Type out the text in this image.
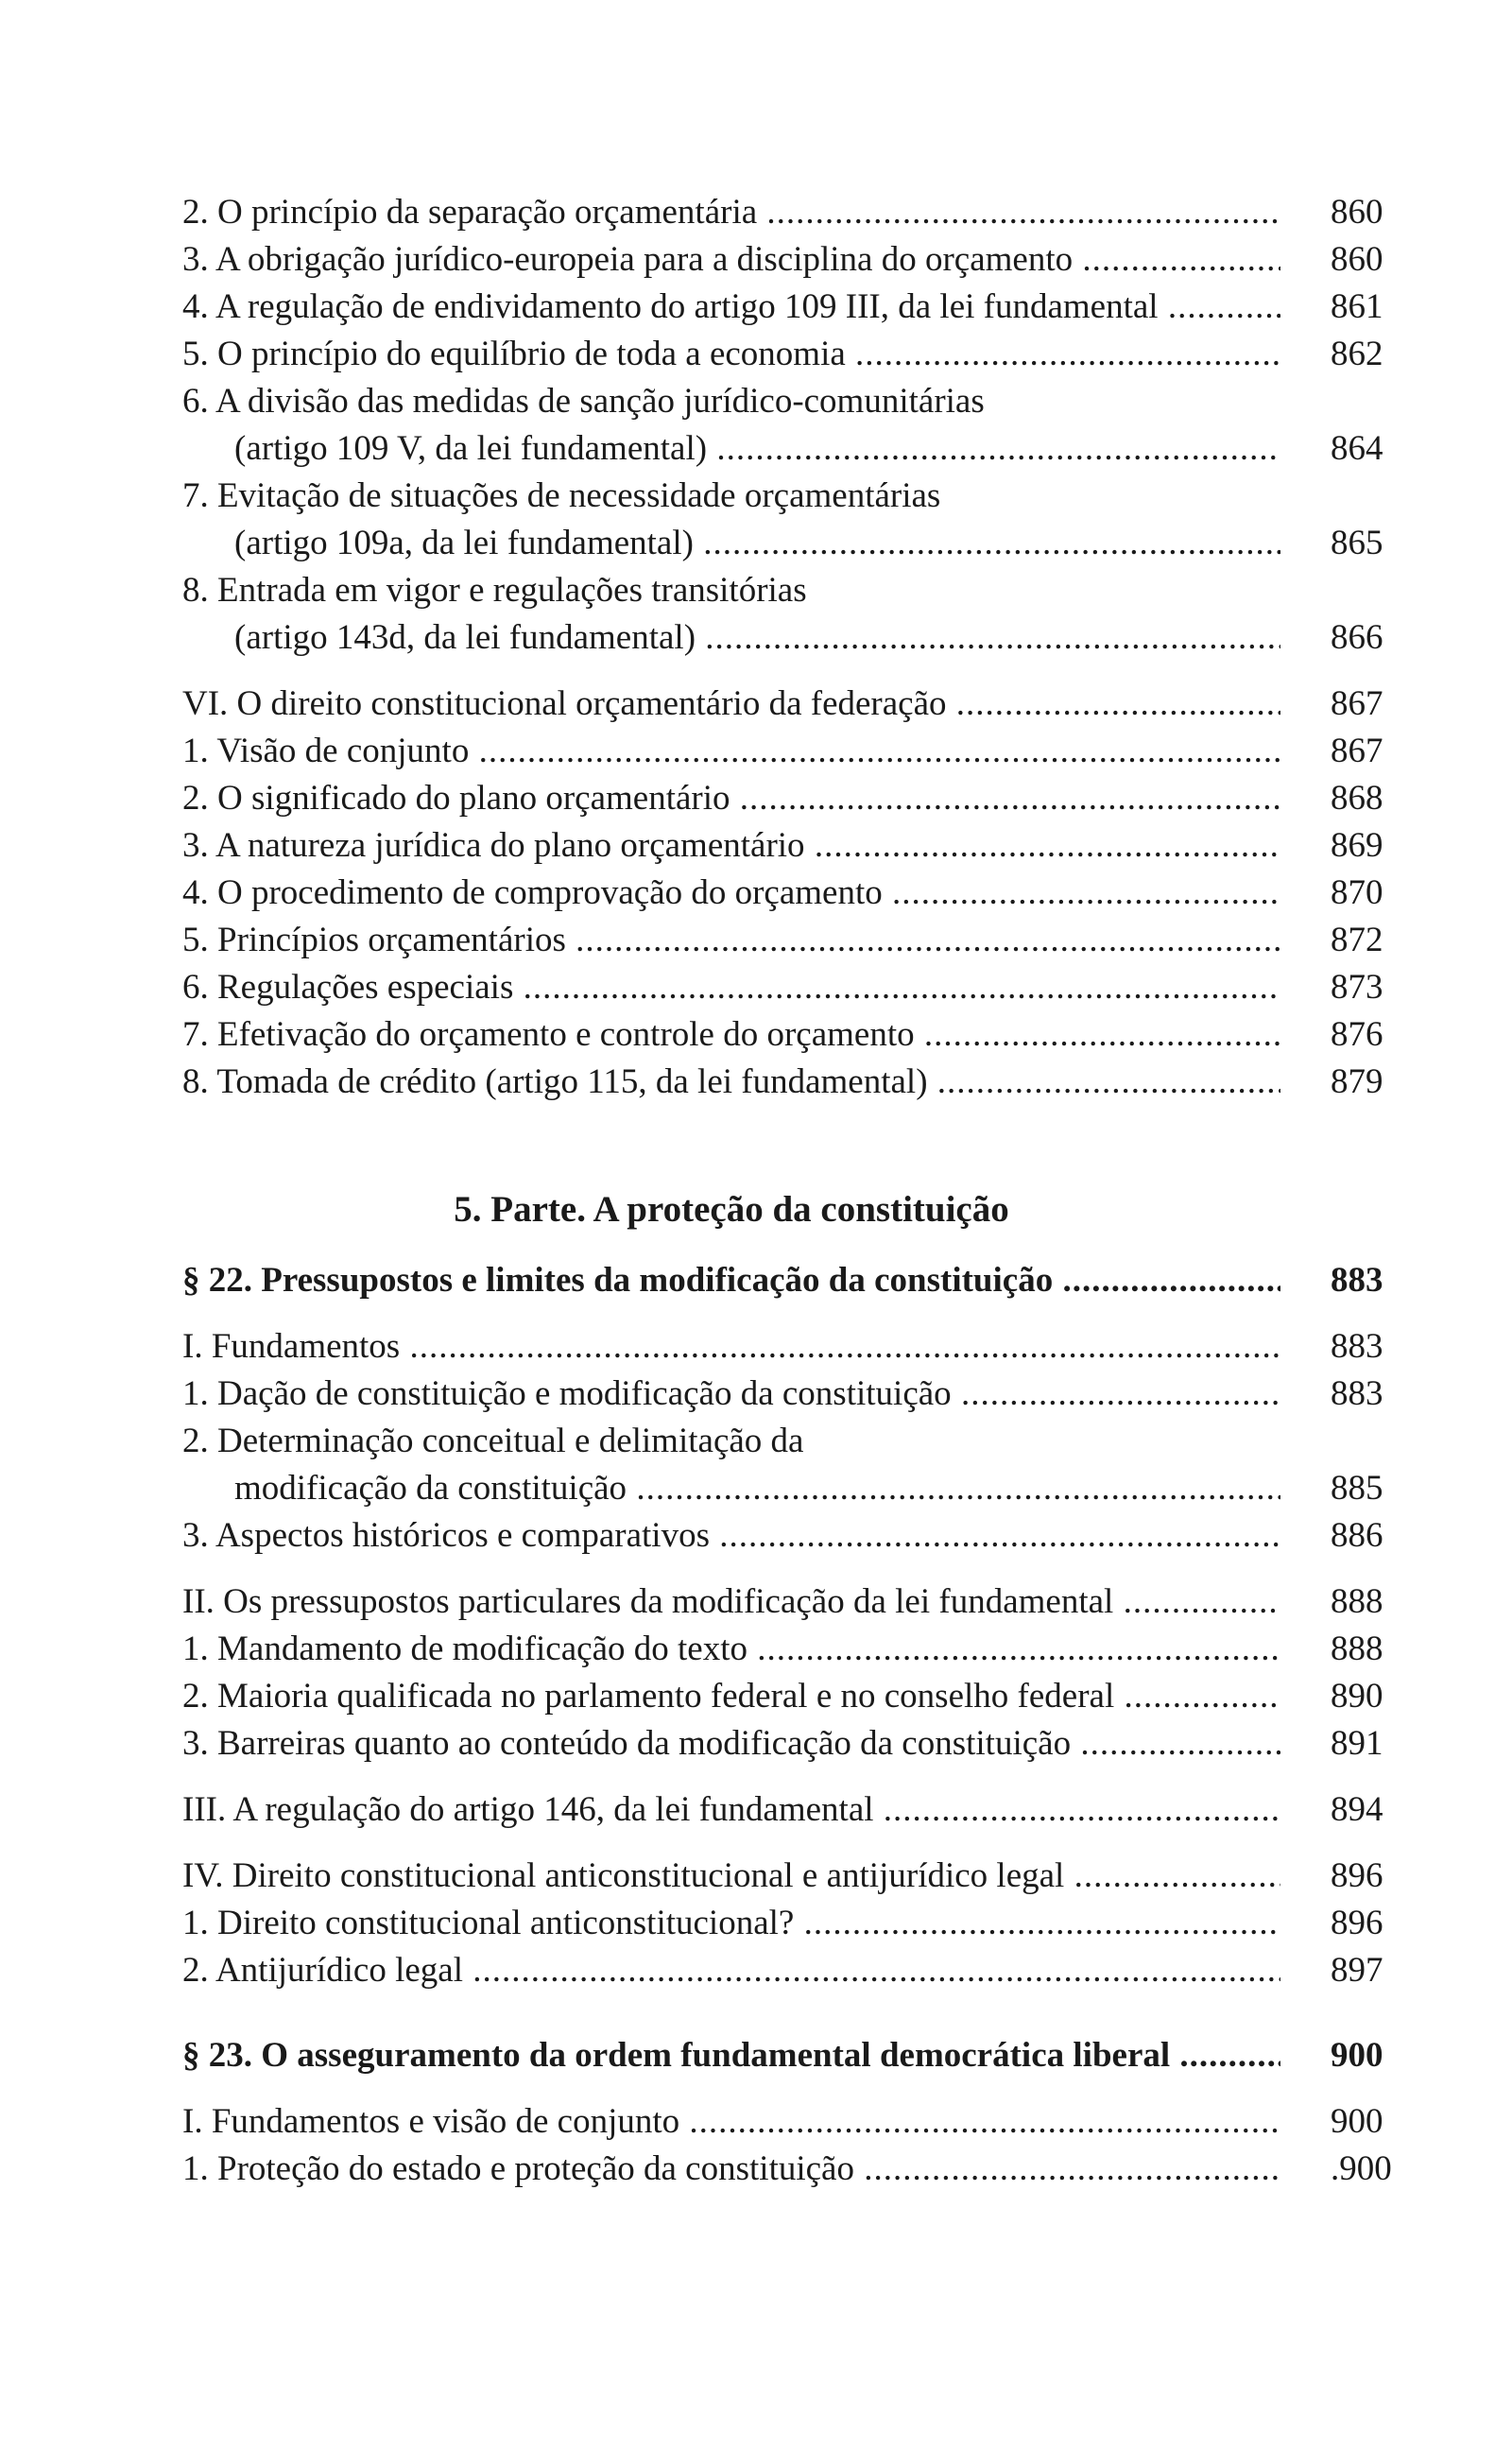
2. O princípio da separação orçamentária .....	860
3. A obrigação jurídico-europeia para a disciplina do orçamento .....	860
4. A regulação de endividamento do artigo 109 III, da lei fundamental .....	861
5. O princípio do equilíbrio de toda a economia .....	862
6. A divisão das medidas de sanção jurídico-comunitárias
(artigo 109 V, da lei fundamental) .....	864
7. Evitação de situações de necessidade orçamentárias
(artigo 109a, da lei fundamental) .....	865
8. Entrada em vigor e regulações transitórias
(artigo 143d, da lei fundamental) .....	866
VI. O direito constitucional orçamentário da federação .....	867
1. Visão de conjunto .....	867
2. O significado do plano orçamentário .....	868
3. A natureza jurídica do plano orçamentário .....	869
4. O procedimento de comprovação do orçamento .....	870
5. Princípios orçamentários .....	872
6. Regulações especiais .....	873
7. Efetivação do orçamento e controle do orçamento .....	876
8. Tomada de crédito (artigo 115, da lei fundamental) .....	879
5. Parte. A proteção da constituição
§ 22. Pressupostos e limites da modificação da constituição .....	883
I. Fundamentos .....	883
1. Dação de constituição e modificação da constituição .....	883
2. Determinação conceitual e delimitação da
modificação da constituição .....	885
3. Aspectos históricos e comparativos .....	886
II. Os pressupostos particulares da modificação da lei fundamental .....	888
1. Mandamento de modificação do texto .....	888
2. Maioria qualificada no parlamento federal e no conselho federal .....	890
3. Barreiras quanto ao conteúdo da modificação da constituição .....	891
III. A regulação do artigo 146, da lei fundamental .....	894
IV. Direito constitucional anticonstitucional e antijurídico legal .....	896
1. Direito constitucional anticonstitucional? .....	896
2. Antijurídico legal .....	897
§ 23. O asseguramento da ordem fundamental democrática liberal .....	900
I. Fundamentos e visão de conjunto .....	900
1. Proteção do estado e proteção da constituição .....	.900
